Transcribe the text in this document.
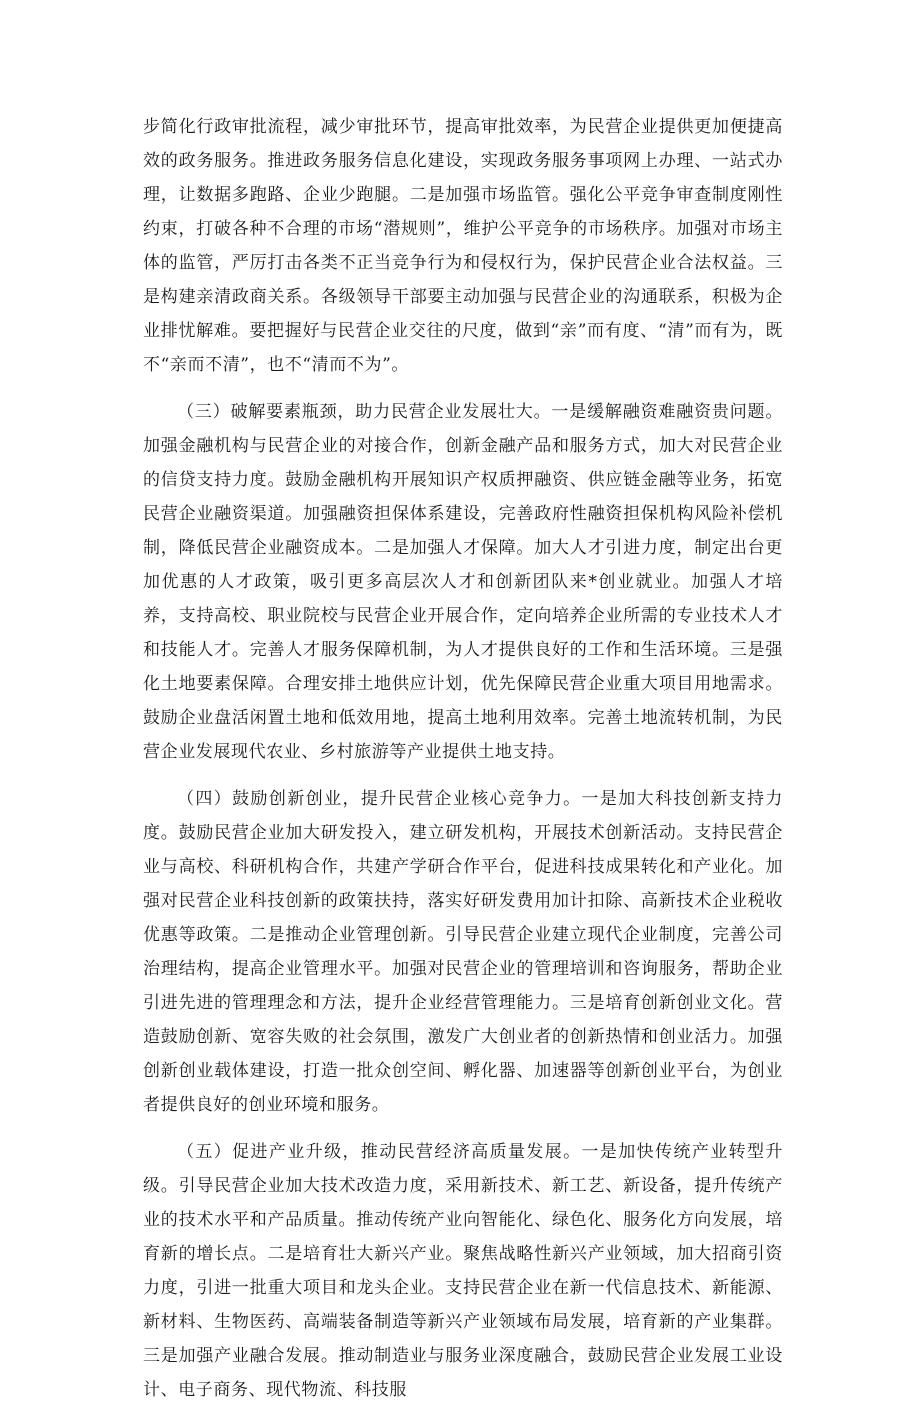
步简化行政审批流程，减少审批环节，提高审批效率，为民营企业提供更加便捷高效的政务服务。推进政务服务信息化建设，实现政务服务事项网上办理、一站式办理，让数据多跑路、企业少跑腿。二是加强市场监管。强化公平竞争审查制度刚性约束，打破各种不合理的市场“潜规则”，维护公平竞争的市场秩序。加强对市场主体的监管，严厉打击各类不正当竞争行为和侵权行为，保护民营企业合法权益。三是构建亲清政商关系。各级领导干部要主动加强与民营企业的沟通联系，积极为企业排忧解难。要把握好与民营企业交往的尺度，做到“亲”而有度、“清”而有为，既不“亲而不清”，也不“清而不为”。

（三）破解要素瓶颈，助力民营企业发展壮大。一是缓解融资难融资贵问题。加强金融机构与民营企业的对接合作，创新金融产品和服务方式，加大对民营企业的信贷支持力度。鼓励金融机构开展知识产权质押融资、供应链金融等业务，拓宽民营企业融资渠道。加强融资担保体系建设，完善政府性融资担保机构风险补偿机制，降低民营企业融资成本。二是加强人才保障。加大人才引进力度，制定出台更加优惠的人才政策，吸引更多高层次人才和创新团队来*创业就业。加强人才培养，支持高校、职业院校与民营企业开展合作，定向培养企业所需的专业技术人才和技能人才。完善人才服务保障机制，为人才提供良好的工作和生活环境。三是强化土地要素保障。合理安排土地供应计划，优先保障民营企业重大项目用地需求。鼓励企业盘活闲置土地和低效用地，提高土地利用效率。完善土地流转机制，为民营企业发展现代农业、乡村旅游等产业提供土地支持。

（四）鼓励创新创业，提升民营企业核心竞争力。一是加大科技创新支持力度。鼓励民营企业加大研发投入，建立研发机构，开展技术创新活动。支持民营企业与高校、科研机构合作，共建产学研合作平台，促进科技成果转化和产业化。加强对民营企业科技创新的政策扶持，落实好研发费用加计扣除、高新技术企业税收优惠等政策。二是推动企业管理创新。引导民营企业建立现代企业制度，完善公司治理结构，提高企业管理水平。加强对民营企业的管理培训和咨询服务，帮助企业引进先进的管理理念和方法，提升企业经营管理能力。三是培育创新创业文化。营造鼓励创新、宽容失败的社会氛围，激发广大创业者的创新热情和创业活力。加强创新创业载体建设，打造一批众创空间、孵化器、加速器等创新创业平台，为创业者提供良好的创业环境和服务。

（五）促进产业升级，推动民营经济高质量发展。一是加快传统产业转型升级。引导民营企业加大技术改造力度，采用新技术、新工艺、新设备，提升传统产业的技术水平和产品质量。推动传统产业向智能化、绿色化、服务化方向发展，培育新的增长点。二是培育壮大新兴产业。聚焦战略性新兴产业领域，加大招商引资力度，引进一批重大项目和龙头企业。支持民营企业在新一代信息技术、新能源、新材料、生物医药、高端装备制造等新兴产业领域布局发展，培育新的产业集群。三是加强产业融合发展。推动制造业与服务业深度融合，鼓励民营企业发展工业设计、电子商务、现代物流、科技服
